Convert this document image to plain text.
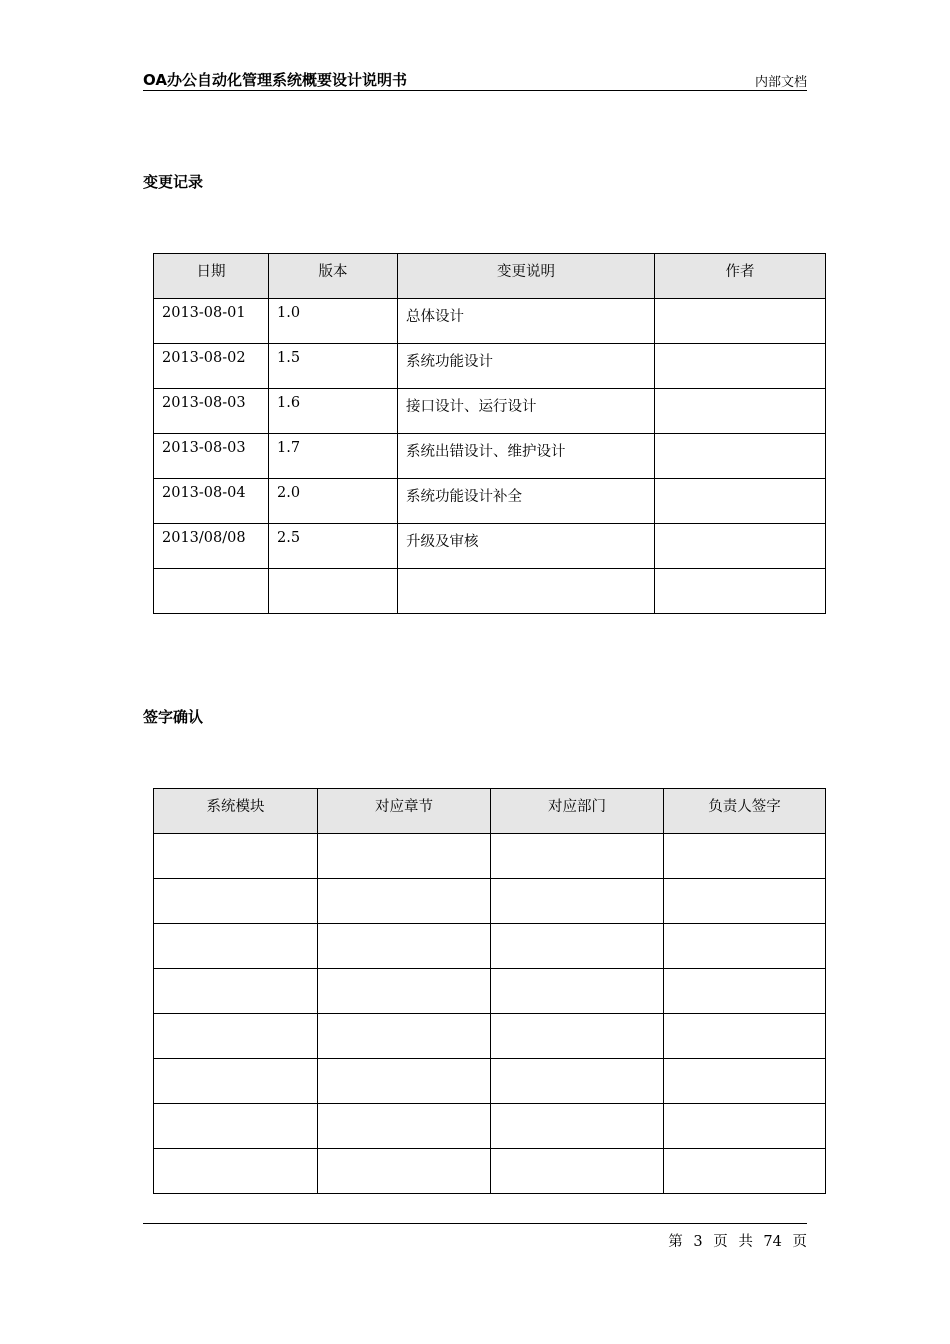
OA办公自动化管理系统概要设计说明书	内部文档
变更记录
日期	版本	变更说明	作者
2013-08-01	1.0	总体设计	
2013-08-02	1.5	系统功能设计	
2013-08-03	1.6	接口设计、运行设计	
2013-08-03	1.7	系统出错设计、维护设计	
2013-08-04	2.0	系统功能设计补全	
2013/08/08	2.5	升级及审核	

签字确认
系统模块	对应章节	对应部门	负责人签字

第 3 页 共 74 页
